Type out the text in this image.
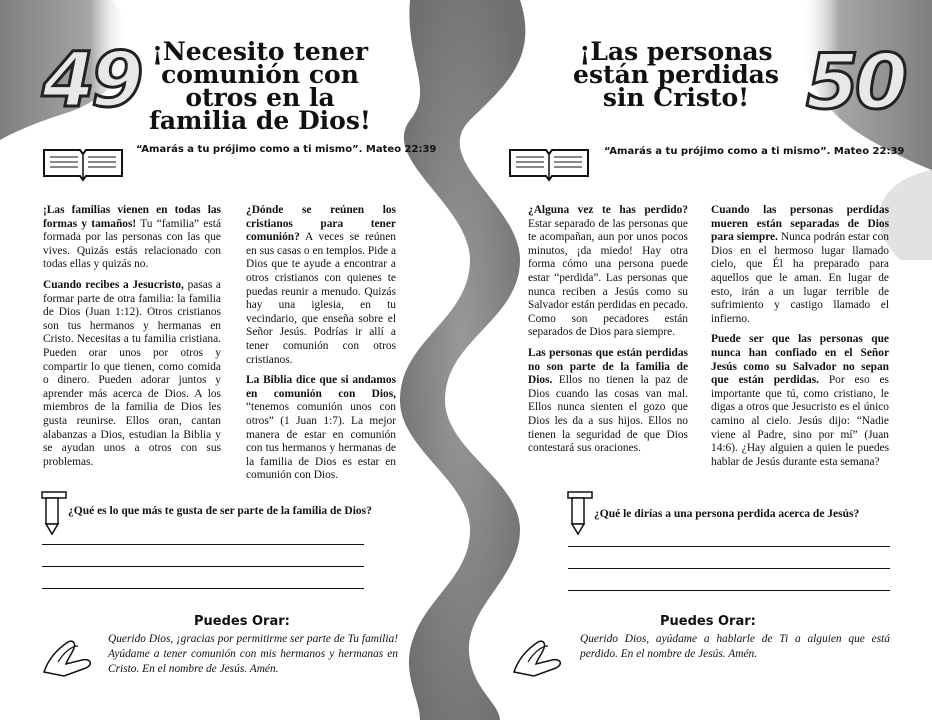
49 ¡Necesito tener
comunión con
otros en la
familia de Dios!
“Amarás a tu prójimo como a ti mismo”. Mateo 22:39

¡Las familias vienen en todas las formas y tamaños! Tu “familia” está formada por las personas con las que vives. Quizás estás relacionado con todas ellas y quizás no.

Cuando recibes a Jesucristo, pasas a formar parte de otra familia: la familia de Dios (Juan 1:12). Otros cristianos son tus hermanos y hermanas en Cristo. Necesitas a tu familia cristiana. Pueden orar unos por otros y compartir lo que tienen, como comida o dinero. Pueden adorar juntos y aprender más acerca de Dios. A los miembros de la familia de Dios les gusta reunirse. Ellos oran, cantan alabanzas a Dios, estudian la Biblia y se ayudan unos a otros con sus problemas.

¿Dónde se reúnen los cristianos para tener comunión? A veces se reúnen en sus casas o en templos. Pide a Dios que te ayude a encontrar a otros cristianos con quienes te puedas reunir a menudo. Quizás hay una iglesia, en tu vecindario, que enseña sobre el Señor Jesús. Podrías ir allí a tener comunión con otros cristianos.

La Biblia dice que si andamos en comunión con Dios, “tenemos comunión unos con otros” (1 Juan 1:7). La mejor manera de estar en comunión con tus hermanos y hermanas de la familia de Dios es estar en comunión con Dios.

¿Qué es lo que más te gusta de ser parte de la familia de Dios?
Puedes Orar:
Querido Dios, ¡gracias por permitirme ser parte de Tu familia! Ayúdame a tener comunión con mis hermanos y hermanas en Cristo. En el nombre de Jesús. Amén.
50
¡Las personas
están perdidas
sin Cristo!
“Amarás a tu prójimo como a ti mismo”. Mateo 22:39

¿Alguna vez te has perdido? Estar separado de las personas que te acompañan, aun por unos pocos minutos, ¡da miedo! Hay otra forma cómo una persona puede estar “perdida”. Las personas que nunca reciben a Jesús como su Salvador están perdidas en pecado. Como son pecadores están separados de Dios para siempre.

Las personas que están perdidas no son parte de la familia de Dios. Ellos no tienen la paz de Dios cuando las cosas van mal. Ellos nunca sienten el gozo que Dios les da a sus hijos. Ellos no tienen la seguridad de que Dios contestará sus oraciones.

Cuando las personas perdidas mueren están separadas de Dios para siempre. Nunca podrán estar con Dios en el hermoso lugar llamado cielo, que Él ha preparado para aquellos que le aman. En lugar de esto, irán a un lugar terrible de sufrimiento y castigo llamado el infierno.

Puede ser que las personas que nunca han confiado en el Señor Jesús como su Salvador no sepan que están perdidas. Por eso es importante que tú, como cristiano, le digas a otros que Jesucristo es el único camino al cielo. Jesús dijo: “Nadie viene al Padre, sino por mí” (Juan 14:6). ¿Hay alguien a quien le puedes hablar de Jesús durante esta semana?

¿Qué le dirías a una persona perdida acerca de Jesús?
Puedes Orar:
Querido Dios, ayúdame a hablarle de Ti a alguien que está perdido. En el nombre de Jesús. Amén.
